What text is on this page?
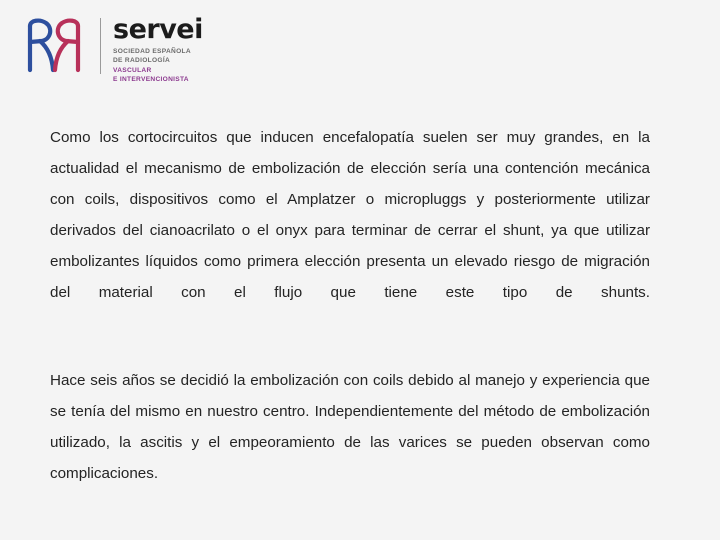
servei
SOCIEDAD ESPAÑOLA
DE RADIOLOGÍA
VASCULAR
E INTERVENCIONISTA

Como los cortocircuitos que inducen encefalopatía suelen ser muy grandes, en la actualidad el mecanismo de embolización de elección sería una contención mecánica con coils, dispositivos como el Amplatzer o micropluggs y posteriormente utilizar derivados del cianoacrilato o el onyx para terminar de cerrar el shunt, ya que utilizar embolizantes líquidos como primera elección presenta un elevado riesgo de migración del material con el flujo que tiene este tipo de shunts.

Hace seis años se decidió la embolización con coils debido al manejo y experiencia que se tenía del mismo en nuestro centro. Independientemente del método de embolización utilizado, la ascitis y el empeoramiento de las varices se pueden observan como complicaciones.
